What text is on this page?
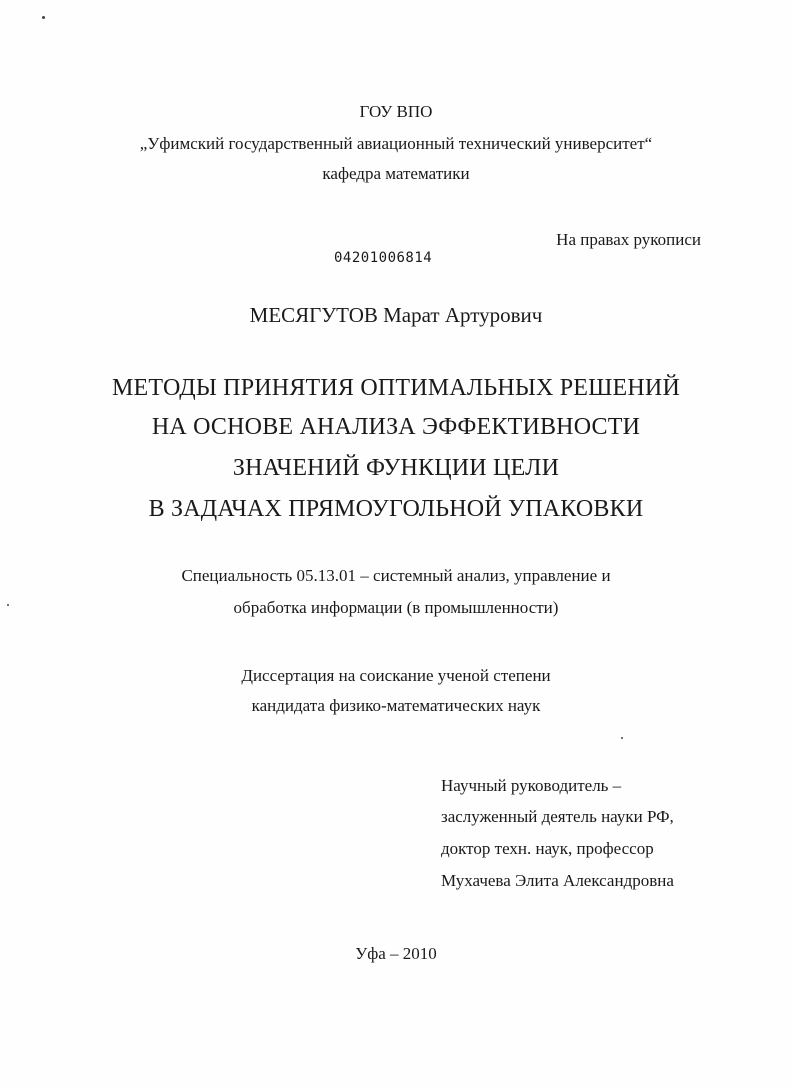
ГОУ ВПО
„Уфимский государственный авиационный технический университет“
кафедра математики
На правах рукописи
04201006814
МЕСЯГУТОВ Марат Артурович
МЕТОДЫ ПРИНЯТИЯ ОПТИМАЛЬНЫХ РЕШЕНИЙ
НА ОСНОВЕ АНАЛИЗА ЭФФЕКТИВНОСТИ
ЗНАЧЕНИЙ ФУНКЦИИ ЦЕЛИ
В ЗАДАЧАХ ПРЯМОУГОЛЬНОЙ УПАКОВКИ
Специальность 05.13.01 – системный анализ, управление и
обработка информации (в промышленности)
Диссертация на соискание ученой степени
кандидата физико-математических наук
Научный руководитель –
заслуженный деятель науки РФ,
доктор техн. наук, профессор
Мухачева Элита Александровна
Уфа – 2010
